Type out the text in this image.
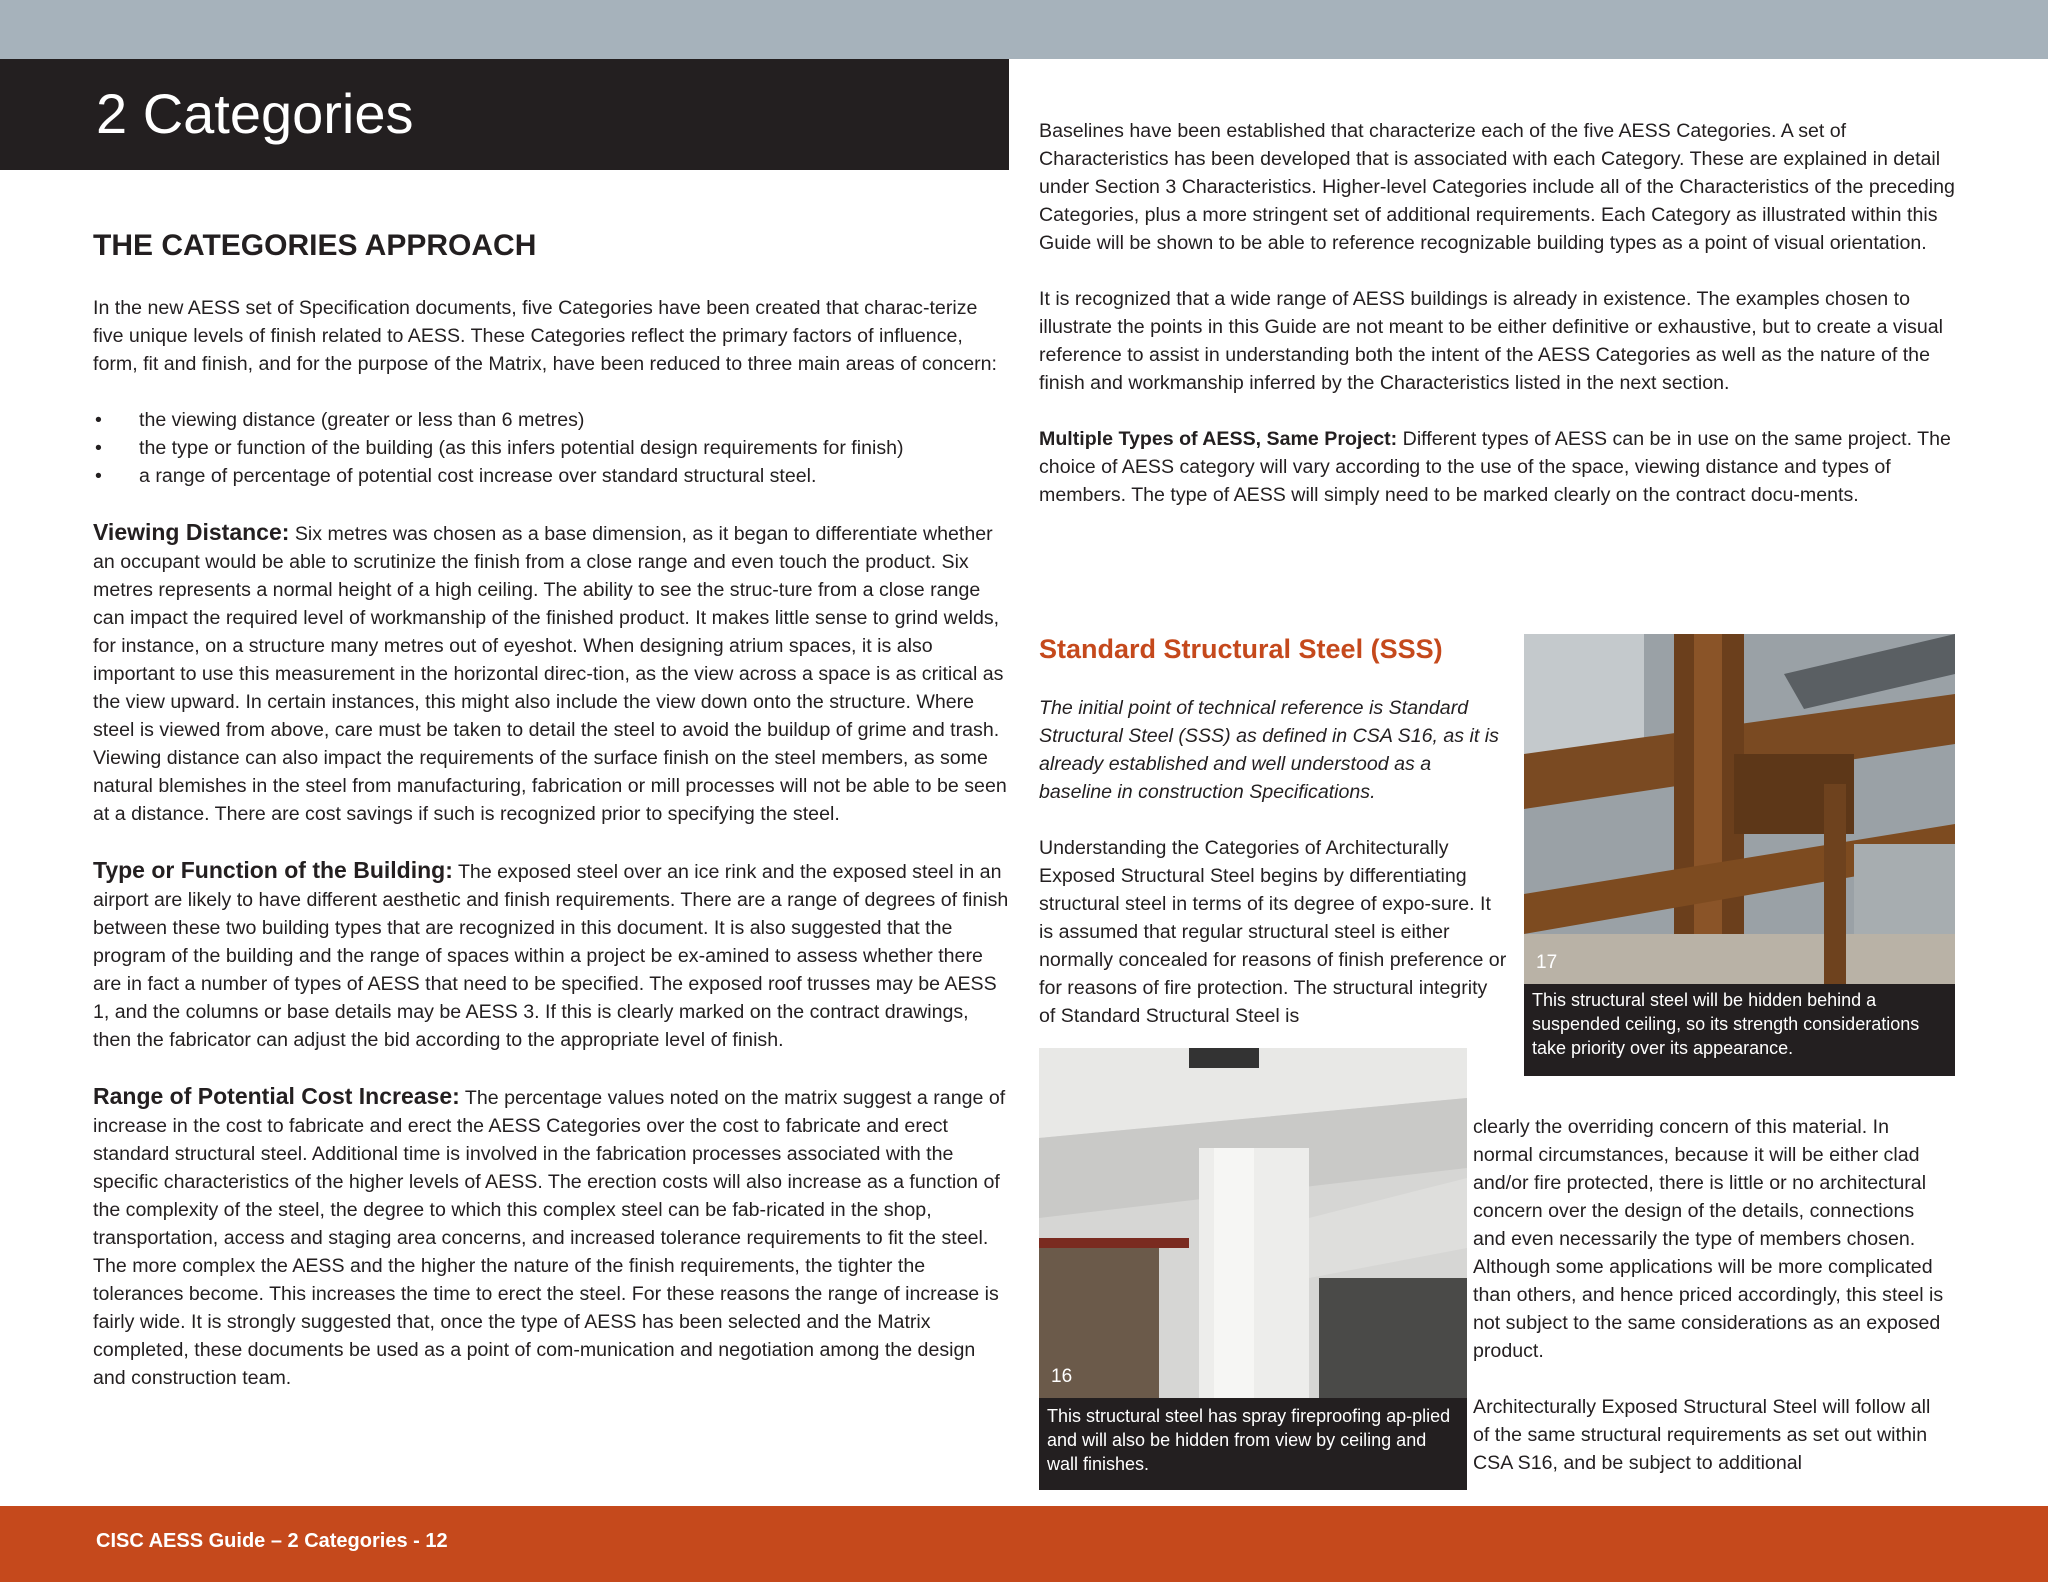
2 Categories
THE CATEGORIES APPROACH

In the new AESS set of Specification documents, five Categories have been created that charac-terize five unique levels of finish related to AESS. These Categories reflect the primary factors of influence, form, fit and finish, and for the purpose of the Matrix, have been reduced to three main areas of concern:

• the viewing distance (greater or less than 6 metres)
• the type or function of the building (as this infers potential design requirements for finish)
• a range of percentage of potential cost increase over standard structural steel.

Viewing Distance: Six metres was chosen as a base dimension, as it began to differentiate whether an occupant would be able to scrutinize the finish from a close range and even touch the product. Six metres represents a normal height of a high ceiling. The ability to see the struc-ture from a close range can impact the required level of workmanship of the finished product. It makes little sense to grind welds, for instance, on a structure many metres out of eyeshot. When designing atrium spaces, it is also important to use this measurement in the horizontal direc-tion, as the view across a space is as critical as the view upward. In certain instances, this might also include the view down onto the structure. Where steel is viewed from above, care must be taken to detail the steel to avoid the buildup of grime and trash. Viewing distance can also impact the requirements of the surface finish on the steel members, as some natural blemishes in the steel from manufacturing, fabrication or mill processes will not be able to be seen at a distance. There are cost savings if such is recognized prior to specifying the steel.

Type or Function of the Building: The exposed steel over an ice rink and the exposed steel in an airport are likely to have different aesthetic and finish requirements. There are a range of degrees of finish between these two building types that are recognized in this document. It is also suggested that the program of the building and the range of spaces within a project be ex-amined to assess whether there are in fact a number of types of AESS that need to be specified. The exposed roof trusses may be AESS 1, and the columns or base details may be AESS 3. If this is clearly marked on the contract drawings, then the fabricator can adjust the bid according to the appropriate level of finish.

Range of Potential Cost Increase: The percentage values noted on the matrix suggest a range of increase in the cost to fabricate and erect the AESS Categories over the cost to fabricate and erect standard structural steel. Additional time is involved in the fabrication processes associated with the specific characteristics of the higher levels of AESS. The erection costs will also increase as a function of the complexity of the steel, the degree to which this complex steel can be fab-ricated in the shop, transportation, access and staging area concerns, and increased tolerance requirements to fit the steel. The more complex the AESS and the higher the nature of the finish requirements, the tighter the tolerances become. This increases the time to erect the steel. For these reasons the range of increase is fairly wide. It is strongly suggested that, once the type of AESS has been selected and the Matrix completed, these documents be used as a point of com-munication and negotiation among the design and construction team.

Baselines have been established that characterize each of the five AESS Categories. A set of Characteristics has been developed that is associated with each Category. These are explained in detail under Section 3 Characteristics. Higher-level Categories include all of the Characteristics of the preceding Categories, plus a more stringent set of additional requirements. Each Category as illustrated within this Guide will be shown to be able to reference recognizable building types as a point of visual orientation.

It is recognized that a wide range of AESS buildings is already in existence. The examples chosen to illustrate the points in this Guide are not meant to be either definitive or exhaustive, but to create a visual reference to assist in understanding both the intent of the AESS Categories as well as the nature of the finish and workmanship inferred by the Characteristics listed in the next section.

Multiple Types of AESS, Same Project: Different types of AESS can be in use on the same project. The choice of AESS category will vary according to the use of the space, viewing distance and types of members. The type of AESS will simply need to be marked clearly on the contract docu-ments.

Standard Structural Steel (SSS)

The initial point of technical reference is Standard Structural Steel (SSS) as defined in CSA S16, as it is already established and well understood as a baseline in construction Specifications.

Understanding the Categories of Architecturally Exposed Structural Steel begins by differentiating structural steel in terms of its degree of expo-sure. It is assumed that regular structural steel is either normally concealed for reasons of finish preference or for reasons of fire protection. The structural integrity of Standard Structural Steel is

clearly the overriding concern of this material. In normal circumstances, because it will be either clad and/or fire protected, there is little or no architectural concern over the design of the details, connections and even necessarily the type of members chosen. Although some applications will be more complicated than others, and hence priced accordingly, this steel is not subject to the same considerations as an exposed product.

Architecturally Exposed Structural Steel will follow all of the same structural requirements as set out within CSA S16, and be subject to additional

17
This structural steel will be hidden behind a suspended ceiling, so its strength considerations take priority over its appearance.
16
This structural steel has spray fireproofing ap-plied and will also be hidden from view by ceiling and wall finishes.
CISC AESS Guide – 2 Categories - 12
